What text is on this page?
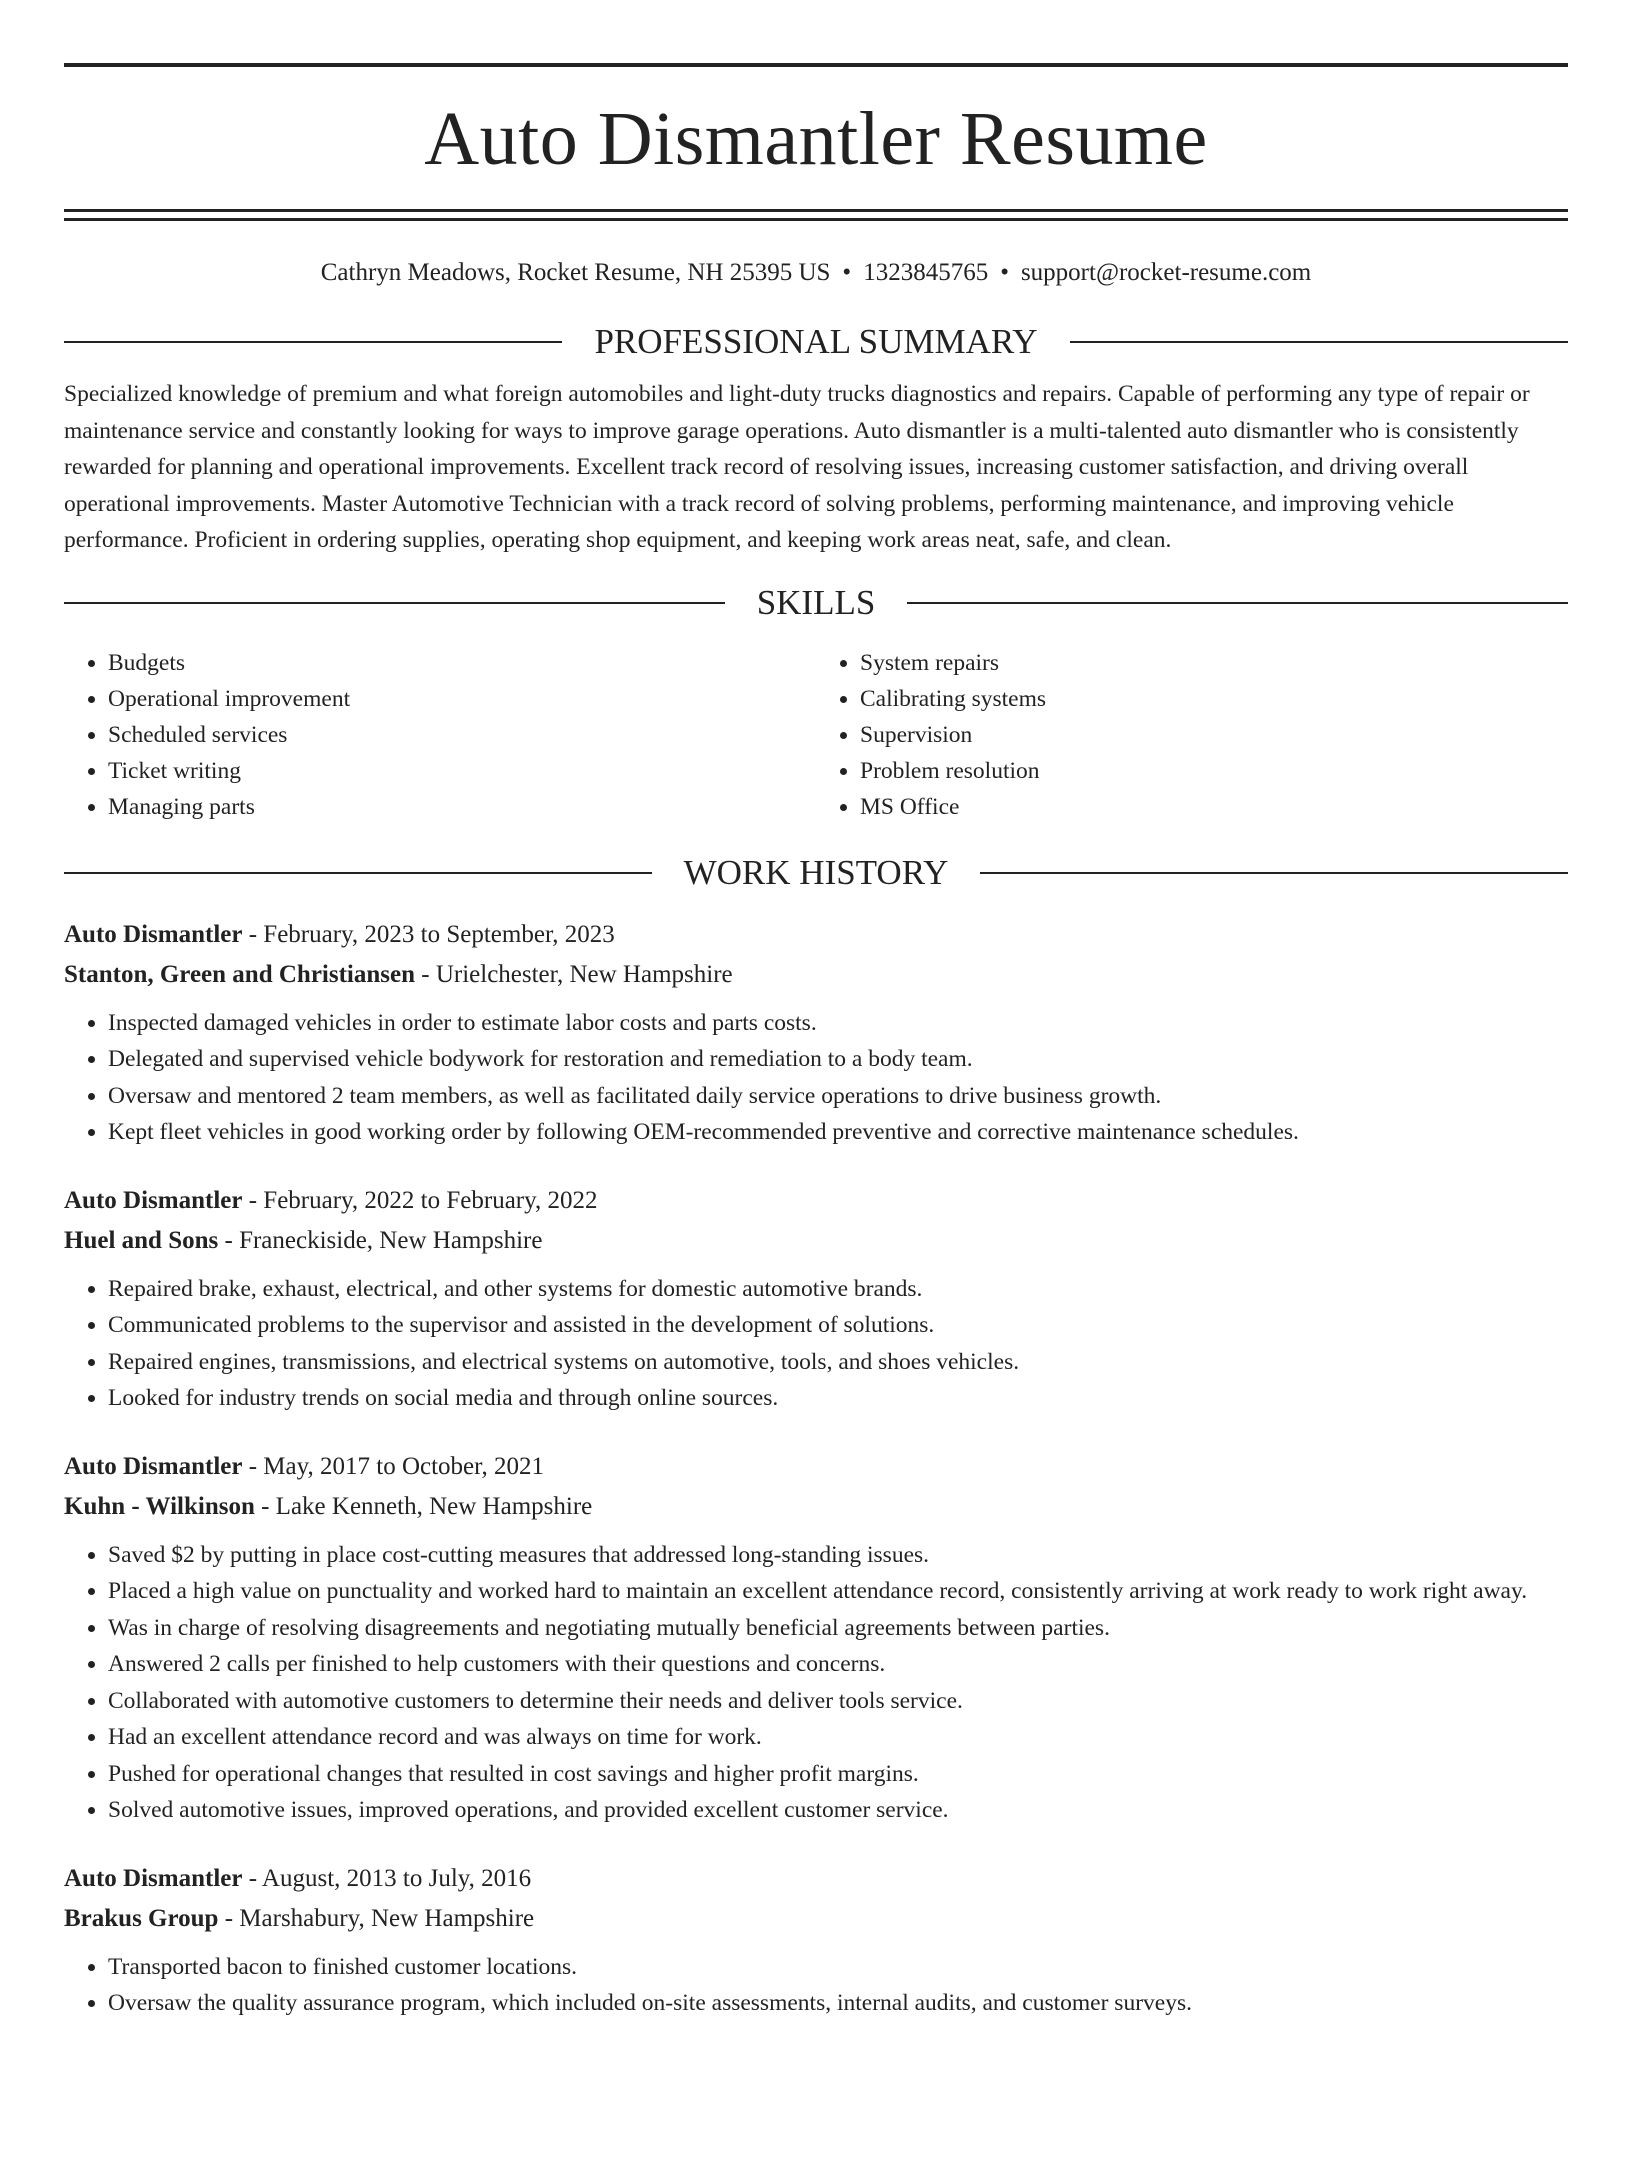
Auto Dismantler Resume
Cathryn Meadows, Rocket Resume, NH 25395 US • 1323845765 • support@rocket-resume.com
PROFESSIONAL SUMMARY

Specialized knowledge of premium and what foreign automobiles and light-duty trucks diagnostics and repairs. Capable of performing any type of repair or maintenance service and constantly looking for ways to improve garage operations. Auto dismantler is a multi-talented auto dismantler who is consistently rewarded for planning and operational improvements. Excellent track record of resolving issues, increasing customer satisfaction, and driving overall operational improvements. Master Automotive Technician with a track record of solving problems, performing maintenance, and improving vehicle performance. Proficient in ordering supplies, operating shop equipment, and keeping work areas neat, safe, and clean.

SKILLS
• Budgets
• Operational improvement
• Scheduled services
• Ticket writing
• Managing parts
• System repairs
• Calibrating systems
• Supervision
• Problem resolution
• MS Office
WORK HISTORY
Auto Dismantler - February, 2023 to September, 2023
Stanton, Green and Christiansen - Urielchester, New Hampshire
• Inspected damaged vehicles in order to estimate labor costs and parts costs.
• Delegated and supervised vehicle bodywork for restoration and remediation to a body team.
• Oversaw and mentored 2 team members, as well as facilitated daily service operations to drive business growth.
• Kept fleet vehicles in good working order by following OEM-recommended preventive and corrective maintenance schedules.
Auto Dismantler - February, 2022 to February, 2022
Huel and Sons - Franeckiside, New Hampshire
• Repaired brake, exhaust, electrical, and other systems for domestic automotive brands.
• Communicated problems to the supervisor and assisted in the development of solutions.
• Repaired engines, transmissions, and electrical systems on automotive, tools, and shoes vehicles.
• Looked for industry trends on social media and through online sources.
Auto Dismantler - May, 2017 to October, 2021
Kuhn - Wilkinson - Lake Kenneth, New Hampshire
• Saved $2 by putting in place cost-cutting measures that addressed long-standing issues.
• Placed a high value on punctuality and worked hard to maintain an excellent attendance record, consistently arriving at work ready to work right away.
• Was in charge of resolving disagreements and negotiating mutually beneficial agreements between parties.
• Answered 2 calls per finished to help customers with their questions and concerns.
• Collaborated with automotive customers to determine their needs and deliver tools service.
• Had an excellent attendance record and was always on time for work.
• Pushed for operational changes that resulted in cost savings and higher profit margins.
• Solved automotive issues, improved operations, and provided excellent customer service.
Auto Dismantler - August, 2013 to July, 2016
Brakus Group - Marshabury, New Hampshire
• Transported bacon to finished customer locations.
• Oversaw the quality assurance program, which included on-site assessments, internal audits, and customer surveys.
